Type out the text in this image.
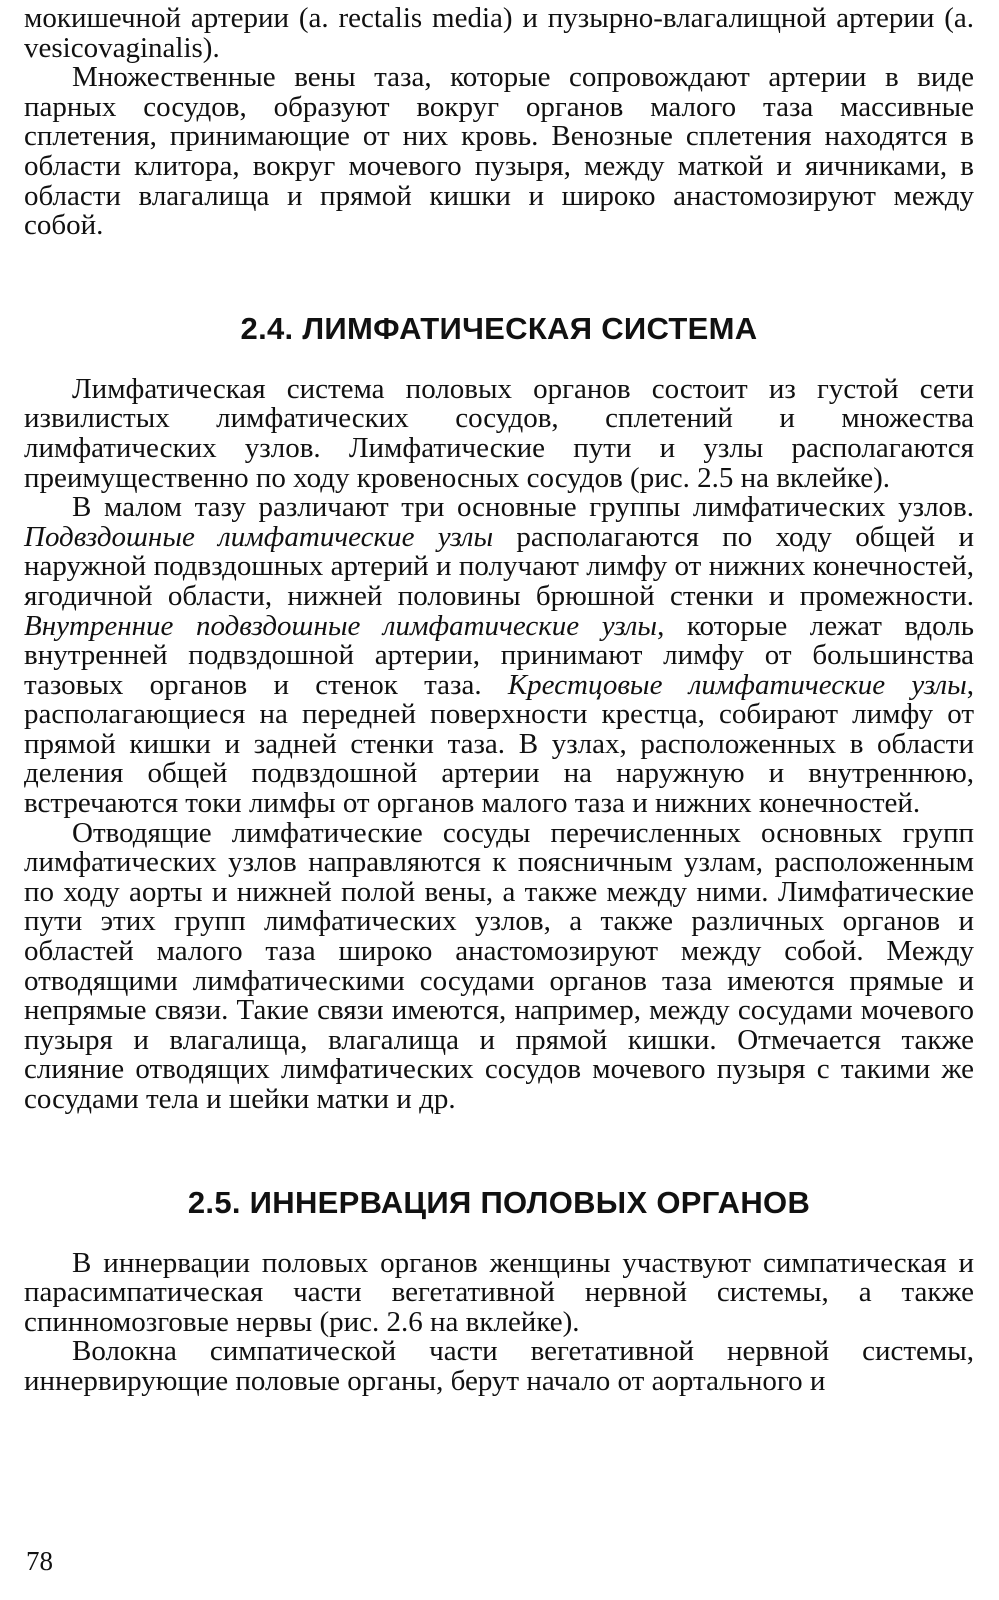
мокишечной артерии (a. rectalis media) и пузырно-влагалищной артерии (a. vesicovaginalis).

Множественные вены таза, которые сопровождают артерии в виде парных сосудов, образуют вокруг органов малого таза массивные сплетения, принимающие от них кровь. Венозные сплетения находятся в области клитора, вокруг мочевого пузыря, между маткой и яичниками, в области влагалища и прямой кишки и широко анастомозируют между собой.

2.4. ЛИМФАТИЧЕСКАЯ СИСТЕМА

Лимфатическая система половых органов состоит из густой сети извилистых лимфатических сосудов, сплетений и множества лимфатических узлов. Лимфатические пути и узлы располагаются преимущественно по ходу кровеносных сосудов (рис. 2.5 на вклейке).

В малом тазу различают три основные группы лимфатических узлов. Подвздошные лимфатические узлы располагаются по ходу общей и наружной подвздошных артерий и получают лимфу от нижних конечностей, ягодичной области, нижней половины брюшной стенки и промежности. Внутренние подвздошные лимфатические узлы, которые лежат вдоль внутренней подвздошной артерии, принимают лимфу от большинства тазовых органов и стенок таза. Крестцовые лимфатические узлы, располагающиеся на передней поверхности крестца, собирают лимфу от прямой кишки и задней стенки таза. В узлах, расположенных в области деления общей подвздошной артерии на наружную и внутреннюю, встречаются токи лимфы от органов малого таза и нижних конечностей.

Отводящие лимфатические сосуды перечисленных основных групп лимфатических узлов направляются к поясничным узлам, расположенным по ходу аорты и нижней полой вены, а также между ними. Лимфатические пути этих групп лимфатических узлов, а также различных органов и областей малого таза широко анастомозируют между собой. Между отводящими лимфатическими сосудами органов таза имеются прямые и непрямые связи. Такие связи имеются, например, между сосудами мочевого пузыря и влагалища, влагалища и прямой кишки. Отмечается также слияние отводящих лимфатических сосудов мочевого пузыря с такими же сосудами тела и шейки матки и др.

2.5. ИННЕРВАЦИЯ ПОЛОВЫХ ОРГАНОВ

В иннервации половых органов женщины участвуют симпатическая и парасимпатическая части вегетативной нервной системы, а также спинномозговые нервы (рис. 2.6 на вклейке).

Волокна симпатической части вегетативной нервной системы, иннервирующие половые органы, берут начало от аортального и

78
